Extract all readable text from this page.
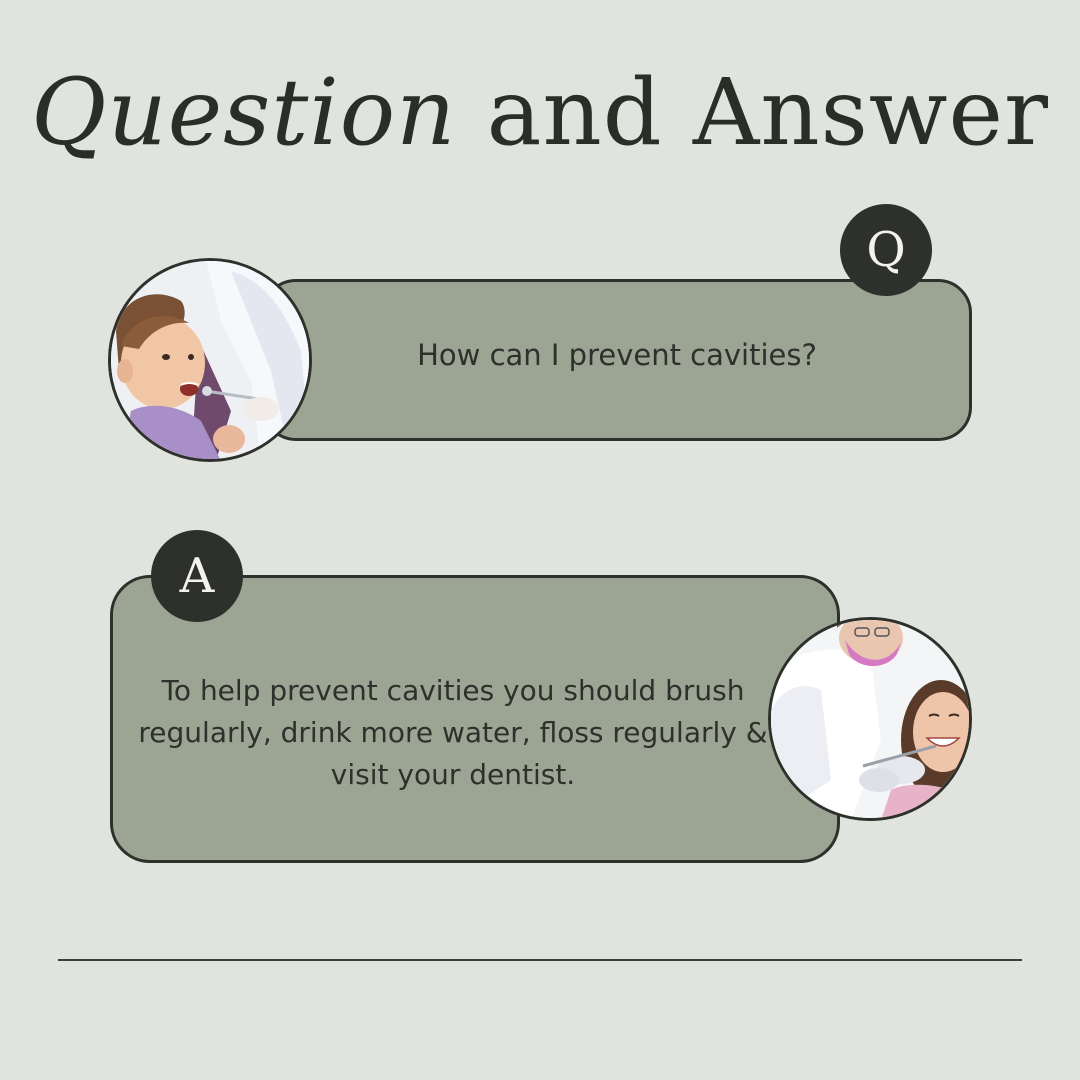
Question and Answer
How can I prevent cavities?
Q
To help prevent cavities you should brush regularly, drink more water, floss regularly & visit your dentist.
A
